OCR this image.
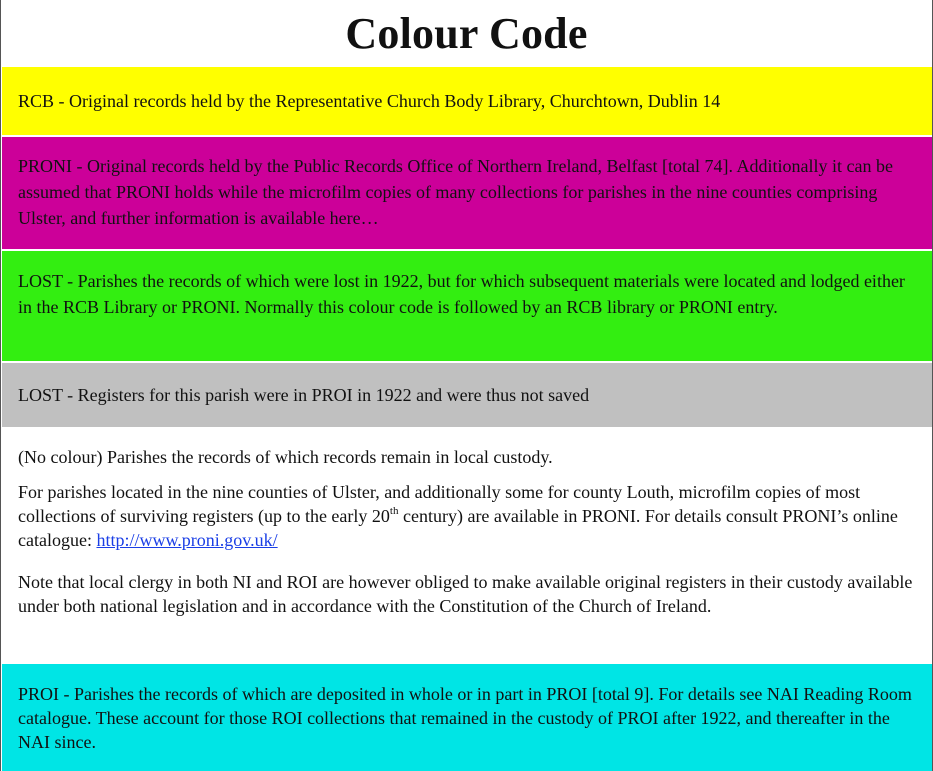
Colour Code

RCB - Original records held by the Representative Church Body Library, Churchtown, Dublin 14

PRONI - Original records held by the Public Records Office of Northern Ireland, Belfast [total 74]. Additionally it can be assumed that PRONI holds while the microfilm copies of many collections for parishes in the nine counties comprising Ulster, and further information is available here…

LOST - Parishes the records of which were lost in 1922, but for which subsequent materials were located and lodged either in the RCB Library or PRONI. Normally this colour code is followed by an RCB library or PRONI entry.

LOST - Registers for this parish were in PROI in 1922 and were thus not saved

(No colour) Parishes the records of which records remain in local custody.

For parishes located in the nine counties of Ulster, and additionally some for county Louth, microfilm copies of most collections of surviving registers (up to the early 20th century) are available in PRONI. For details consult PRONI’s online catalogue: http://www.proni.gov.uk/

Note that local clergy in both NI and ROI are however obliged to make available original registers in their custody available under both national legislation and in accordance with the Constitution of the Church of Ireland.

PROI - Parishes the records of which are deposited in whole or in part in PROI [total 9]. For details see NAI Reading Room catalogue. These account for those ROI collections that remained in the custody of PROI after 1922, and thereafter in the NAI since.
